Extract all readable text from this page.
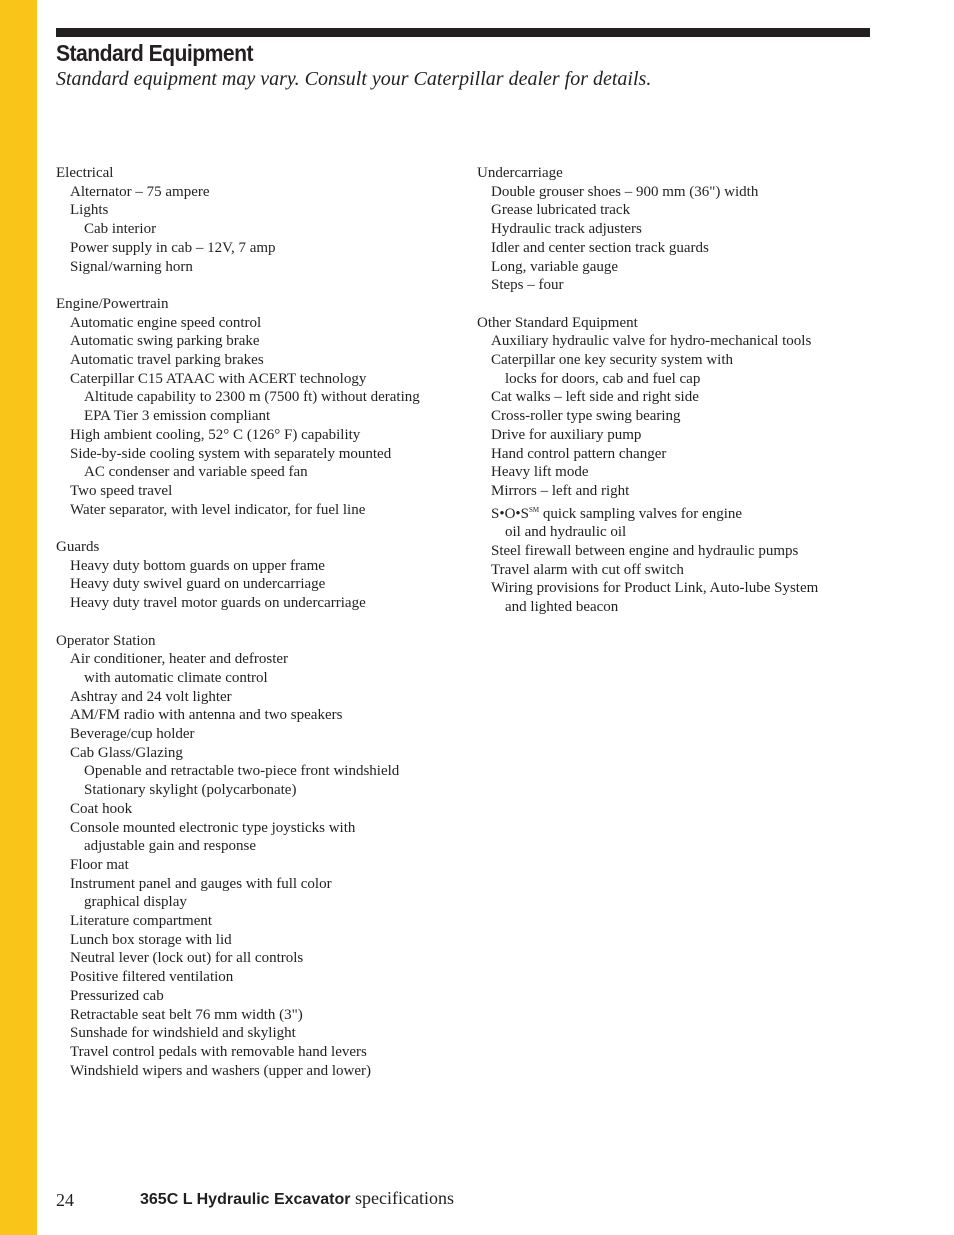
Standard Equipment

Standard equipment may vary. Consult your Caterpillar dealer for details.

Electrical
Alternator – 75 ampere
Lights
Cab interior
Power supply in cab – 12V, 7 amp
Signal/warning horn
Engine/Powertrain
Automatic engine speed control
Automatic swing parking brake
Automatic travel parking brakes
Caterpillar C15 ATAAC with ACERT technology
Altitude capability to 2300 m (7500 ft) without derating
EPA Tier 3 emission compliant
High ambient cooling, 52° C (126° F) capability
Side-by-side cooling system with separately mounted
AC condenser and variable speed fan
Two speed travel
Water separator, with level indicator, for fuel line
Guards
Heavy duty bottom guards on upper frame
Heavy duty swivel guard on undercarriage
Heavy duty travel motor guards on undercarriage
Operator Station
Air conditioner, heater and defroster
with automatic climate control
Ashtray and 24 volt lighter
AM/FM radio with antenna and two speakers
Beverage/cup holder
Cab Glass/Glazing
Openable and retractable two-piece front windshield
Stationary skylight (polycarbonate)
Coat hook
Console mounted electronic type joysticks with
adjustable gain and response
Floor mat
Instrument panel and gauges with full color
graphical display
Literature compartment
Lunch box storage with lid
Neutral lever (lock out) for all controls
Positive filtered ventilation
Pressurized cab
Retractable seat belt 76 mm width (3")
Sunshade for windshield and skylight
Travel control pedals with removable hand levers
Windshield wipers and washers (upper and lower)
Undercarriage
Double grouser shoes – 900 mm (36") width
Grease lubricated track
Hydraulic track adjusters
Idler and center section track guards
Long, variable gauge
Steps – four
Other Standard Equipment
Auxiliary hydraulic valve for hydro-mechanical tools
Caterpillar one key security system with
locks for doors, cab and fuel cap
Cat walks – left side and right side
Cross-roller type swing bearing
Drive for auxiliary pump
Hand control pattern changer
Heavy lift mode
Mirrors – left and right
S•O•S℠ quick sampling valves for engine
oil and hydraulic oil
Steel firewall between engine and hydraulic pumps
Travel alarm with cut off switch
Wiring provisions for Product Link, Auto-lube System
and lighted beacon
24	365C L Hydraulic Excavator specifications
